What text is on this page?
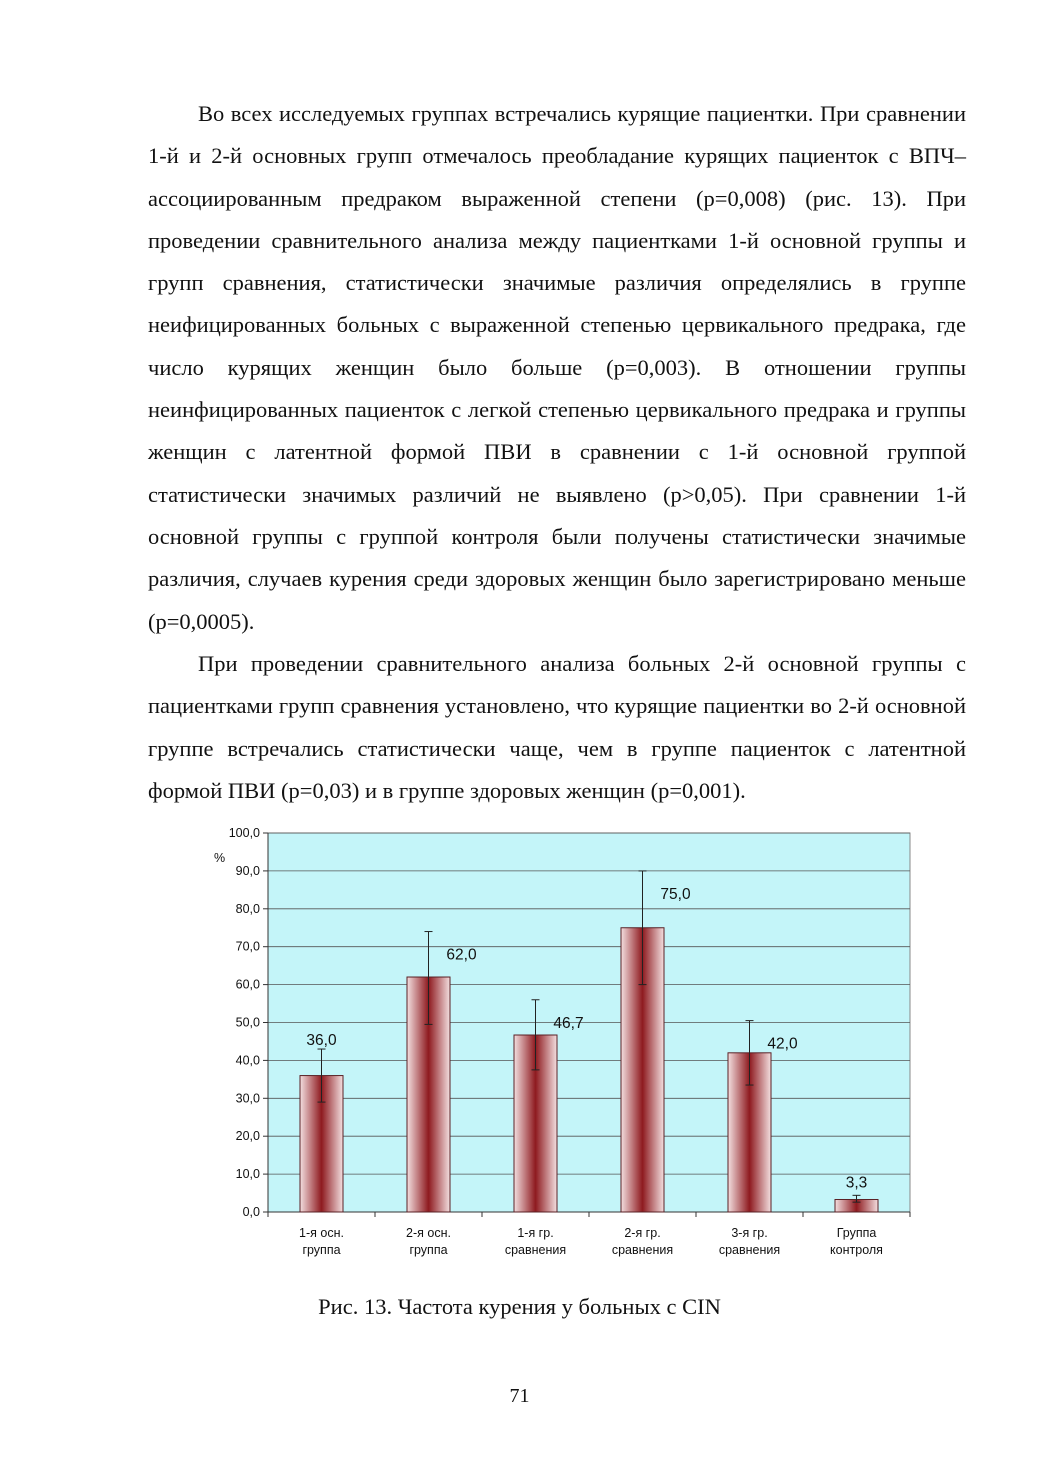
Во всех исследуемых группах встречались курящие пациентки. При сравнении 1-й и 2-й основных групп отмечалось преобладание курящих пациенток с ВПЧ–ассоциированным предраком выраженной степени (р=0,008) (рис. 13). При проведении сравнительного анализа между пациентками 1-й основной группы и групп сравнения, статистически значимые различия определялись в группе неифицированных больных с выраженной степенью цервикального предрака, где число курящих женщин было больше (р=0,003). В отношении группы неинфицированных пациенток с легкой степенью цервикального предрака и группы женщин с латентной формой ПВИ в сравнении с 1-й основной группой статистически значимых различий не выявлено (р>0,05). При сравнении 1-й основной группы с группой контроля были получены статистически значимые различия, случаев курения среди здоровых женщин было зарегистрировано меньше (р=0,0005).

При проведении сравнительного анализа больных 2-й основной группы с пациентками групп сравнения установлено, что курящие пациентки во 2-й основной группе встречались статистически чаще, чем в группе пациенток с латентной формой ПВИ (р=0,03) и в группе здоровых женщин (р=0,001).

0,0
10,0
20,0
30,0
40,0
50,0
60,0
70,0
80,0
90,0
100,0
%
36,0
1-я осн.
группа
62,0
2-я осн.
группа
46,7
1-я гр.
сравнения
75,0
2-я гр.
сравнения
42,0
3-я гр.
сравнения
3,3
Группа
контроля

Рис. 13. Частота курения у больных с CIN

71
